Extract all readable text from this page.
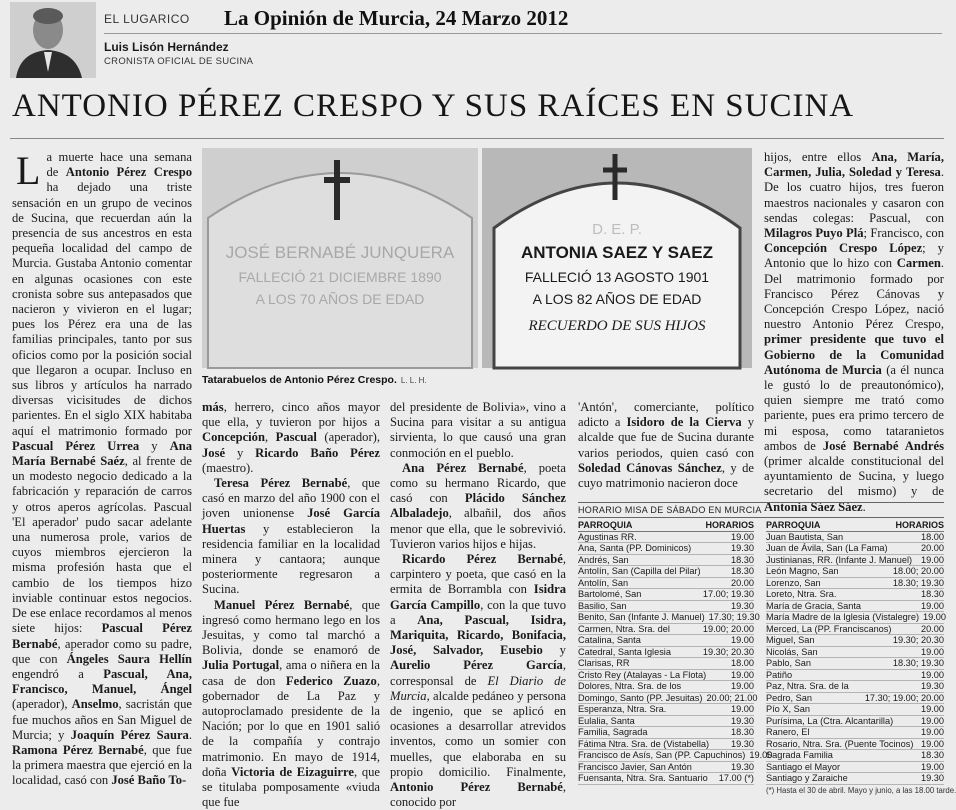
EL LUGARICO La Opinión de Murcia, 24 Marzo 2012
Luis Lisón Hernández
CRONISTA OFICIAL DE SUCINA
ANTONIO PÉREZ CRESPO Y SUS RAÍCES EN SUCINA

La muerte hace una semana de Antonio Pérez Crespo ha dejado una triste sensación en un grupo de vecinos de Sucina, que recuerdan aún la presencia de sus ancestros en esta pequeña localidad del campo de Murcia. Gustaba Antonio comentar en algunas ocasiones con este cronista sobre sus antepasados que nacieron y vivieron en el lugar; pues los Pérez era una de las familias principales, tanto por sus oficios como por la posición social que llegaron a ocupar. Incluso en sus libros y artículos ha narrado diversas vicisitudes de dichos parientes. En el siglo XIX habitaba aquí el matrimonio formado por Pascual Pérez Urrea y Ana María Bernabé Saéz, al frente de un modesto negocio dedicado a la fabricación y reparación de carros y otros aperos agrícolas. Pascual 'El aperador' pudo sacar adelante una numerosa prole, varios de cuyos miembros ejercieron la misma profesión hasta que el cambio de los tiempos hizo inviable continuar estos negocios. De ese enlace recordamos al menos siete hijos: Pascual Pérez Bernabé, aperador como su padre, que con Ángeles Saura Hellín engendró a Pascual, Ana, Francisco, Manuel, Ángel (aperador), Anselmo, sacristán que fue muchos años en San Miguel de Murcia; y Joaquín Pérez Saura. Ramona Pérez Bernabé, que fue la primera maestra que ejerció en la localidad, casó con José Baño To-

JOSÉ BERNABÉ JUNQUERA
FALLECIÓ 21 DICIEMBRE 1890
A LOS 70 AÑOS DE EDAD
D. E. P.
ANTONIA SAEZ Y SAEZ
FALLECIÓ 13 AGOSTO 1901
A LOS 82 AÑOS DE EDAD
RECUERDO DE SUS HIJOS
Tatarabuelos de Antonio Pérez Crespo. L. L. H.

más, herrero, cinco años mayor que ella, y tuvieron por hijos a Concepción, Pascual (aperador), José y Ricardo Baño Pérez (maestro).

Teresa Pérez Bernabé, que casó en marzo del año 1900 con el joven unionense José García Huertas y establecieron la residencia familiar en la localidad minera y cantaora; aunque posteriormente regresaron a Sucina.

Manuel Pérez Bernabé, que ingresó como hermano lego en los Jesuitas, y como tal marchó a Bolivia, donde se enamoró de Julia Portugal, ama o niñera en la casa de don Federico Zuazo, gobernador de La Paz y autoproclamado presidente de la Nación; por lo que en 1901 salió de la compañía y contrajo matrimonio. En mayo de 1914, doña Victoria de Eizaguirre, que se titulaba pomposamente «viuda que fue

del presidente de Bolivia», vino a Sucina para visitar a su antigua sirvienta, lo que causó una gran conmoción en el pueblo.

Ana Pérez Bernabé, poeta como su hermano Ricardo, que casó con Plácido Sánchez Albaladejo, albañil, dos años menor que ella, que le sobrevivió. Tuvieron varios hijos e hijas.

Ricardo Pérez Bernabé, carpintero y poeta, que casó en la ermita de Borrambla con Isidra García Campillo, con la que tuvo a Ana, Pascual, Isidra, Mariquita, Ricardo, Bonifacia, José, Salvador, Eusebio y Aurelio Pérez García, corresponsal de El Diario de Murcia, alcalde pedáneo y persona de ingenio, que se aplicó en ocasiones a desarrollar atrevidos inventos, como un somier con muelles, que elaboraba en su propio domicilio. Finalmente, Antonio Pérez Bernabé, conocido por

'Antón', comerciante, político adicto a Isidoro de la Cierva y alcalde que fue de Sucina durante varios periodos, quien casó con Soledad Cánovas Sánchez, y de cuyo matrimonio nacieron doce

hijos, entre ellos Ana, María, Carmen, Julia, Soledad y Teresa. De los cuatro hijos, tres fueron maestros nacionales y casaron con sendas colegas: Pascual, con Milagros Puyo Plá; Francisco, con Concepción Crespo López; y Antonio que lo hizo con Carmen. Del matrimonio formado por Francisco Pérez Cánovas y Concepción Crespo López, nació nuestro Antonio Pérez Crespo, primer presidente que tuvo el Gobierno de la Comunidad Autónoma de Murcia (a él nunca le gustó lo de preautonómico), quien siempre me trató como pariente, pues era primo tercero de mi esposa, como tataranietos ambos de José Bernabé Andrés (primer alcalde constitucional del ayuntamiento de Sucina, y luego secretario del mismo) y de Antonia Sáez Sáez.

HORARIO MISA DE SÁBADO EN MURCIA
PARROQUIA	HORARIOS
Agustinas RR.	19.00
Ana, Santa (PP. Dominicos)	19.30
Andrés, San	18.30
Antolín, San (Capilla del Pilar)	18.30
Antolín, San	20.00
Bartolomé, San	17.00; 19.30
Basilio, San	19.30
Benito, San (Infante J. Manuel) 17.30; 19.30
Carmen, Ntra. Sra. del	19.00; 20.00
Catalina, Santa	19.00
Catedral, Santa Iglesia	19.30; 20.30
Clarisas, RR	18.00
Cristo Rey (Atalayas - La Flota)	19.00
Dolores, Ntra. Sra. de los	19.00
Domingo, Santo (PP. Jesuitas) 20.00; 21.00
Esperanza, Ntra. Sra.	19.00
Eulalia, Santa	19.30
Familia, Sagrada	18.30
Fátima Ntra. Sra. de (Vistabella)	19.30
Francisco de Asís, San (PP. Capuchinos) 19.00
Francisco Javier, San Antón	19.30
Fuensanta, Ntra. Sra. Santuario	17.00 (*)
PARROQUIA	HORARIOS
Juan Bautista, San	18.00
Juan de Ávila, San (La Fama)	20.00
Justinianas, RR. (Infante J. Manuel) 19.00
León Magno, San	18.00; 20.00
Lorenzo, San	18.30; 19.30
Loreto, Ntra. Sra.	18.30
María de Gracia, Santa	19.00
María Madre de la Iglesia (Vistalegre) 19.00
Merced, La (PP. Franciscanos)	20.00
Miguel, San	19.30; 20.30
Nicolás, San	19.00
Pablo, San	18.30; 19.30
Patiño	19.00
Paz, Ntra. Sra. de la	19.30
Pedro, San	17.30; 19.00; 20.00
Pío X, San	19.00
Purísima, La (Ctra. Alcantarilla)	19.00
Ranero, El	19.00
Rosario, Ntra. Sra. (Puente Tocinos) 19.00
Sagrada Familia	18.30
Santiago el Mayor	19.00
Santiago y Zaraiche	19.30
(*) Hasta el 30 de abril. Mayo y junio, a las 18.00 tarde.
